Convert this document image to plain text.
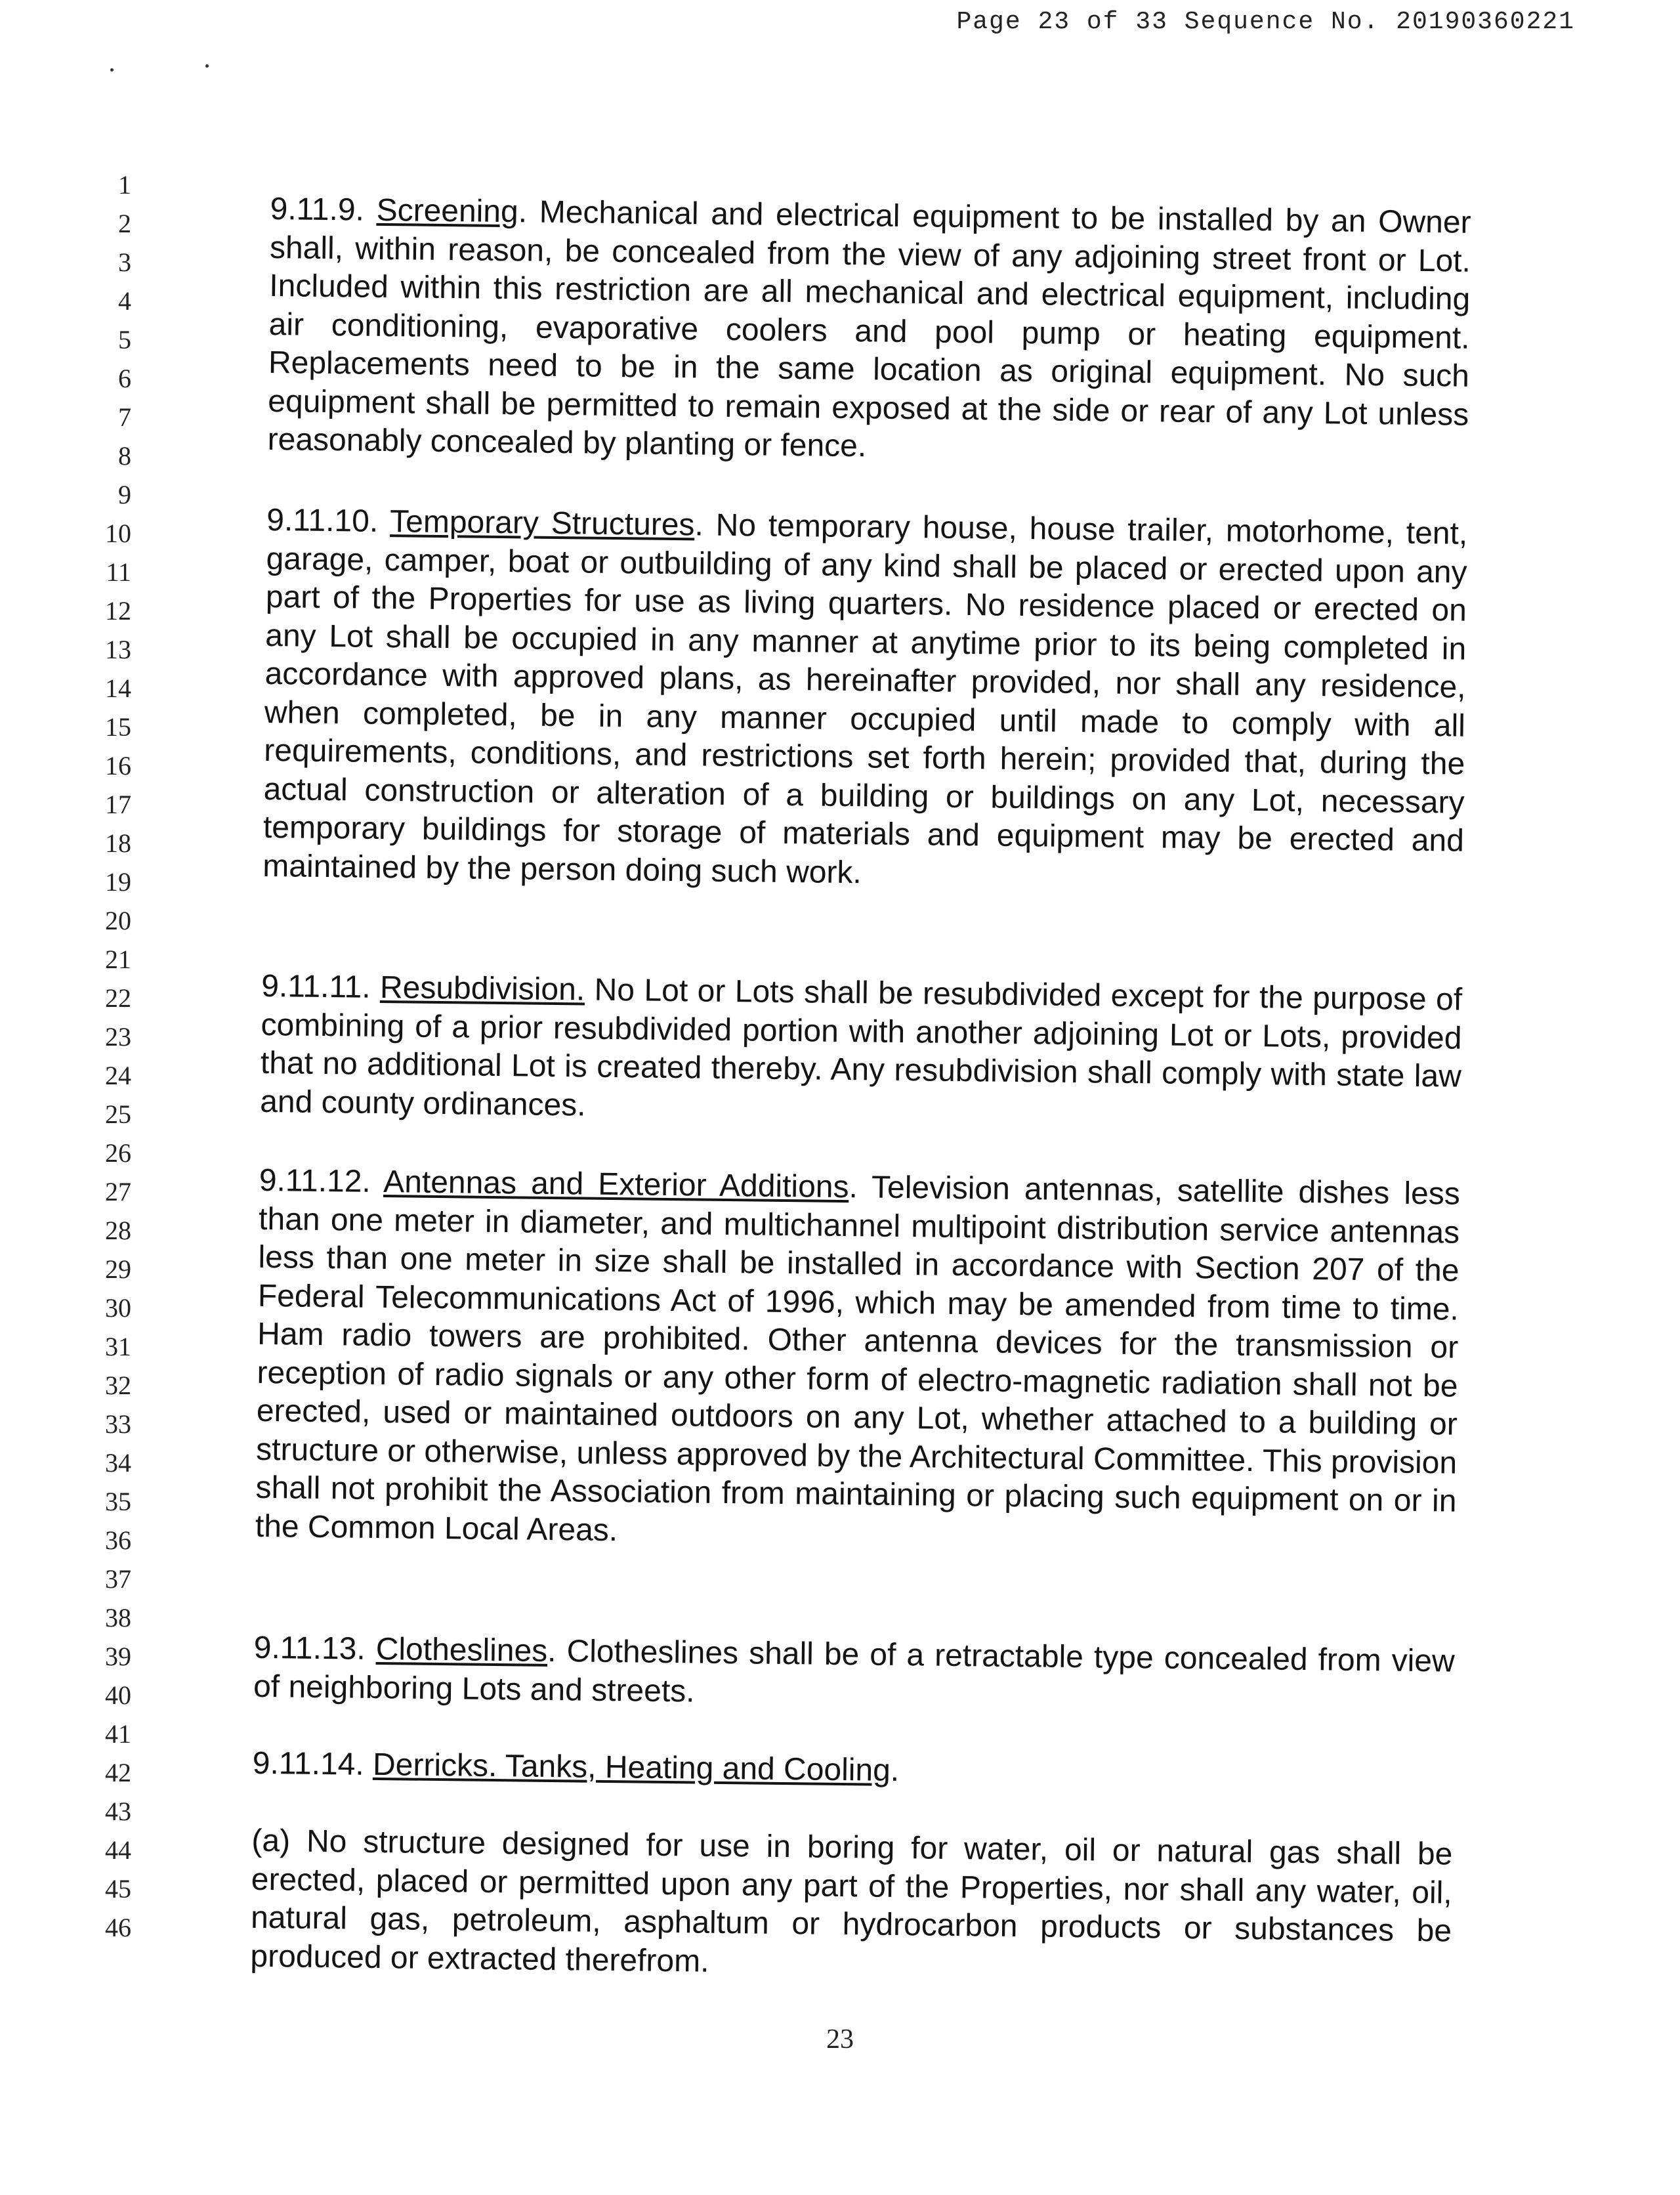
Page 23 of 33 Sequence No. 20190360221
1
2
3
4
5
6
7
8
9
10
11
12
13
14
15
16
17
18
19
20
21
22
23
24
25
26
27
28
29
30
31
32
33
34
35
36
37
38
39
40
41
42
43
44
45
46
9.11.9. Screening. Mechanical and electrical equipment to be installed by an Owner shall, within reason, be concealed from the view of any adjoining street front or Lot. Included within this restriction are all mechanical and electrical equipment, including air conditioning, evaporative coolers and pool pump or heating equipment. Replacements need to be in the same location as original equipment. No such equipment shall be permitted to remain exposed at the side or rear of any Lot unless reasonably concealed by planting or fence.
9.11.10. Temporary Structures. No temporary house, house trailer, motorhome, tent, garage, camper, boat or outbuilding of any kind shall be placed or erected upon any part of the Properties for use as living quarters. No residence placed or erected on any Lot shall be occupied in any manner at anytime prior to its being completed in accordance with approved plans, as hereinafter provided, nor shall any residence, when completed, be in any manner occupied until made to comply with all requirements, conditions, and restrictions set forth herein; provided that, during the actual construction or alteration of a building or buildings on any Lot, necessary temporary buildings for storage of materials and equipment may be erected and maintained by the person doing such work.
9.11.11. Resubdivision. No Lot or Lots shall be resubdivided except for the purpose of combining of a prior resubdivided portion with another adjoining Lot or Lots, provided that no additional Lot is created thereby. Any resubdivision shall comply with state law and county ordinances.
9.11.12. Antennas and Exterior Additions. Television antennas, satellite dishes less than one meter in diameter, and multichannel multipoint distribution service antennas less than one meter in size shall be installed in accordance with Section 207 of the Federal Telecommunications Act of 1996, which may be amended from time to time. Ham radio towers are prohibited. Other antenna devices for the transmission or reception of radio signals or any other form of electro-magnetic radiation shall not be erected, used or maintained outdoors on any Lot, whether attached to a building or structure or otherwise, unless approved by the Architectural Committee. This provision shall not prohibit the Association from maintaining or placing such equipment on or in the Common Local Areas.
9.11.13. Clotheslines. Clotheslines shall be of a retractable type concealed from view of neighboring Lots and streets.
9.11.14. Derricks. Tanks, Heating and Cooling.
(a) No structure designed for use in boring for water, oil or natural gas shall be erected, placed or permitted upon any part of the Properties, nor shall any water, oil, natural gas, petroleum, asphaltum or hydrocarbon products or substances be produced or extracted therefrom.
23
